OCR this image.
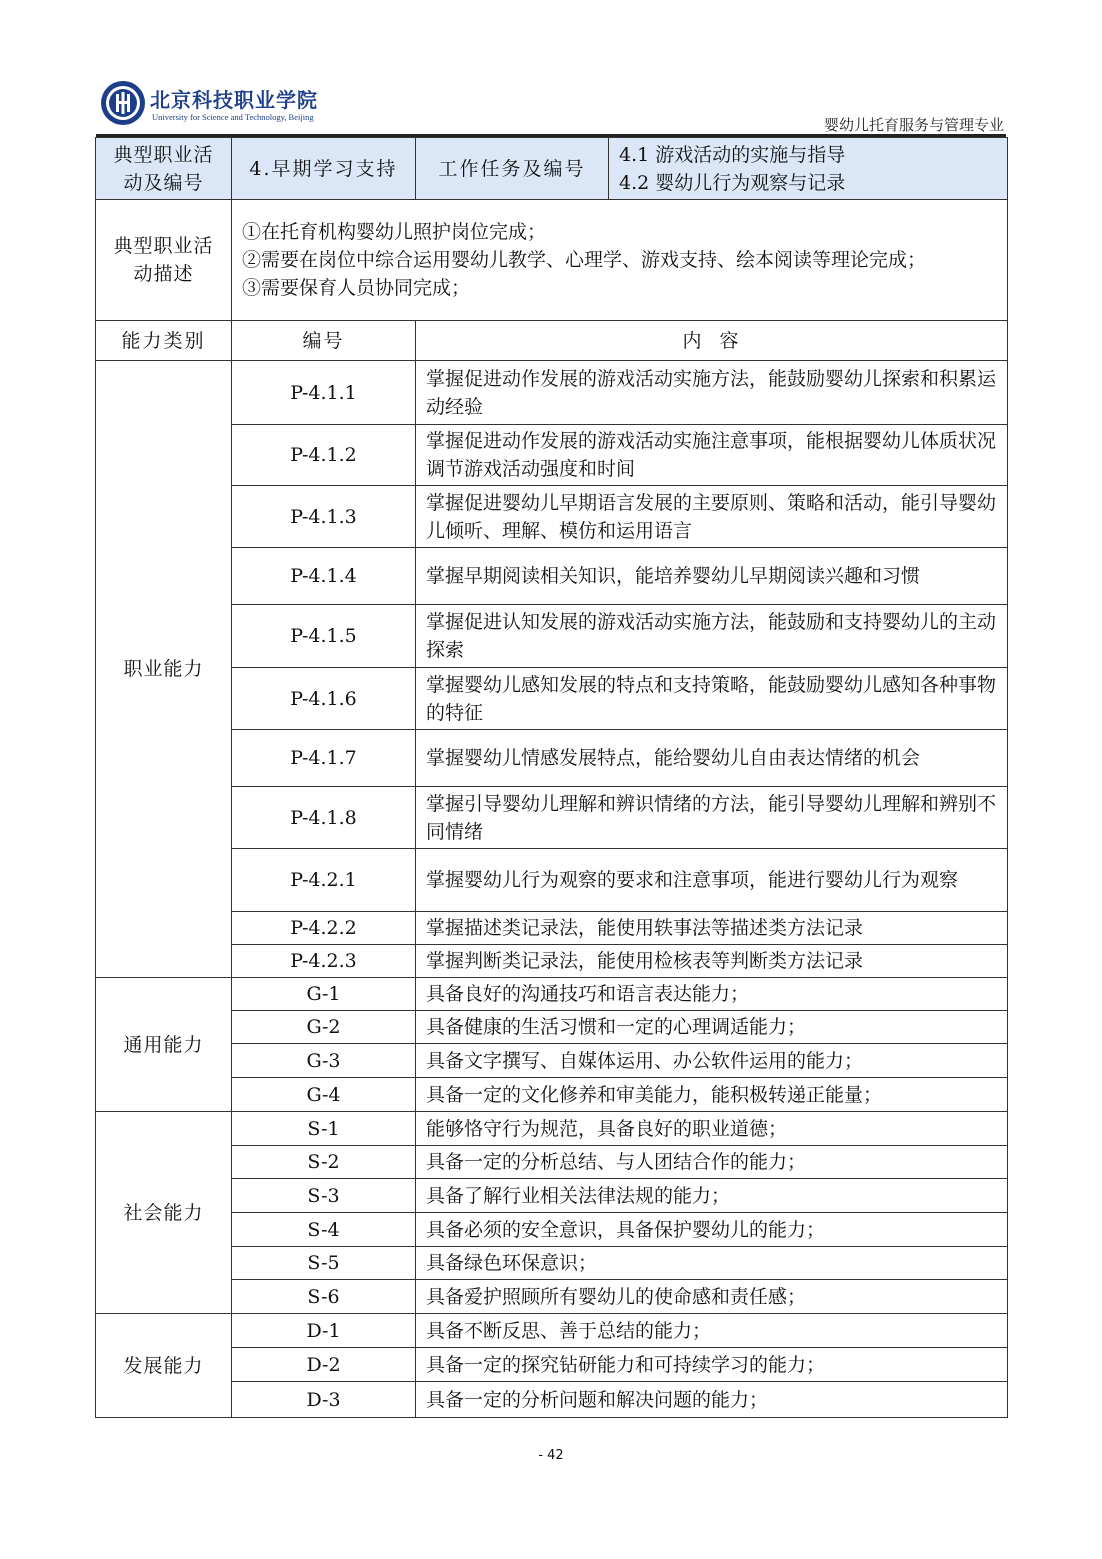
北京科技职业学院
University for Science and Technology, Beijing	婴幼儿托育服务与管理专业
典型职业活动及编号	4.早期学习支持	工作任务及编号	4.1 游戏活动的实施与指导
4.2 婴幼儿行为观察与记录

典型职业活动描述	①在托育机构婴幼儿照护岗位完成；
②需要在岗位中综合运用婴幼儿教学、心理学、游戏支持、绘本阅读等理论完成；
③需要保育人员协同完成；		

能力类别	编号	内  容	
职业能力	P-4.1.1	掌握促进动作发展的游戏活动实施方法，能鼓励婴幼儿探索和积累运动经验	
	P-4.1.2	掌握促进动作发展的游戏活动实施注意事项，能根据婴幼儿体质状况调节游戏活动强度和时间	
	P-4.1.3	掌握促进婴幼儿早期语言发展的主要原则、策略和活动，能引导婴幼儿倾听、理解、模仿和运用语言	
	P-4.1.4	掌握早期阅读相关知识，能培养婴幼儿早期阅读兴趣和习惯	
	P-4.1.5	掌握促进认知发展的游戏活动实施方法，能鼓励和支持婴幼儿的主动探索	
	P-4.1.6	掌握婴幼儿感知发展的特点和支持策略，能鼓励婴幼儿感知各种事物的特征	
	P-4.1.7	掌握婴幼儿情感发展特点，能给婴幼儿自由表达情绪的机会	
	P-4.1.8	掌握引导婴幼儿理解和辨识情绪的方法，能引导婴幼儿理解和辨别不同情绪	
	P-4.2.1	掌握婴幼儿行为观察的要求和注意事项，能进行婴幼儿行为观察	
	P-4.2.2	掌握描述类记录法，能使用轶事法等描述类方法记录	
	P-4.2.3	掌握判断类记录法，能使用检核表等判断类方法记录	
通用能力	G-1	具备良好的沟通技巧和语言表达能力；	
	G-2	具备健康的生活习惯和一定的心理调适能力；	
	G-3	具备文字撰写、自媒体运用、办公软件运用的能力；	
	G-4	具备一定的文化修养和审美能力，能积极转递正能量；	
社会能力	S-1	能够恪守行为规范，具备良好的职业道德；	
	S-2	具备一定的分析总结、与人团结合作的能力；	
	S-3	具备了解行业相关法律法规的能力；	
	S-4	具备必须的安全意识，具备保护婴幼儿的能力；	
	S-5	具备绿色环保意识；	
	S-6	具备爱护照顾所有婴幼儿的使命感和责任感；	
发展能力	D-1	具备不断反思、善于总结的能力；	
	D-2	具备一定的探究钻研能力和可持续学习的能力；	
	D-3	具备一定的分析问题和解决问题的能力；	
- 42
